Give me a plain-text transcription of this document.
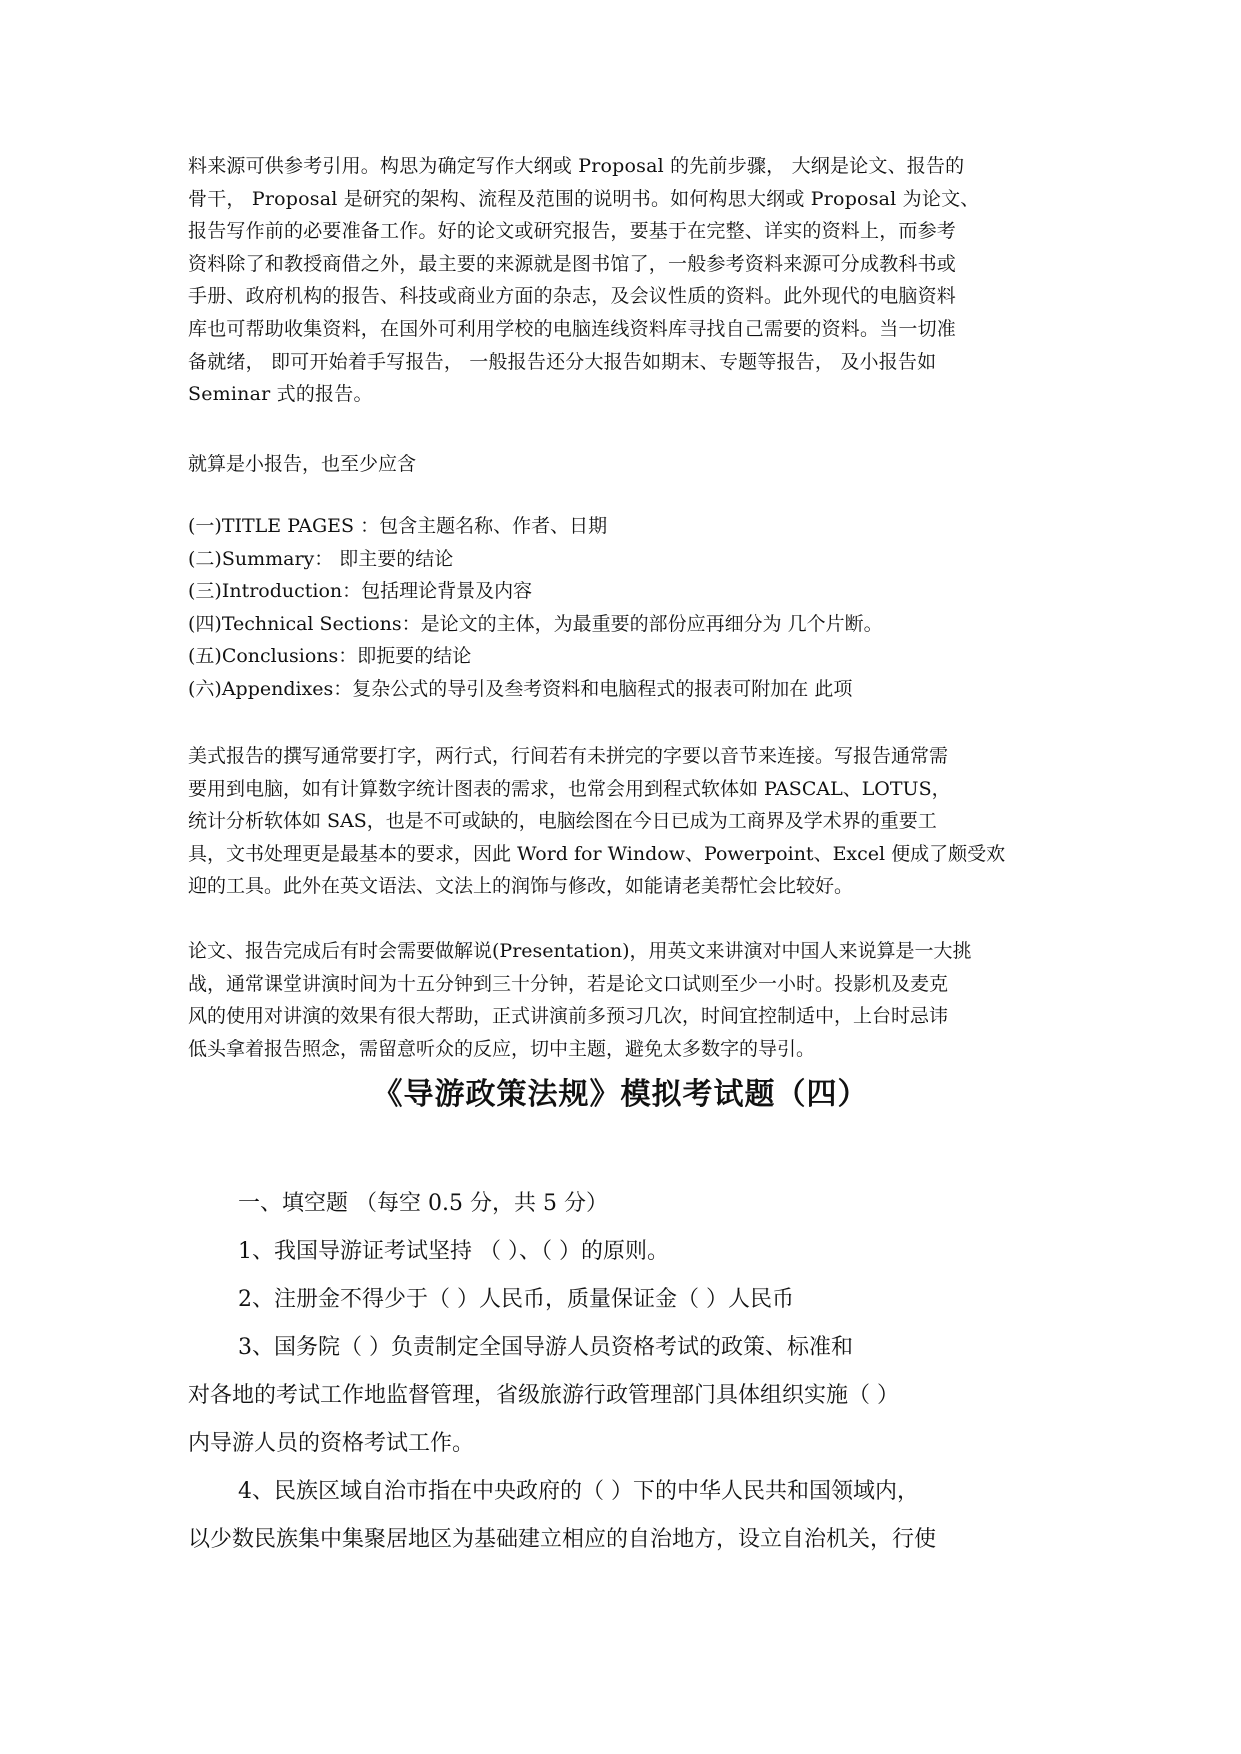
料来源可供参考引用。构思为确定写作大纲或 Proposal 的先前步骤， 大纲是论文、报告的
骨干， Proposal 是研究的架构、流程及范围的说明书。如何构思大纲或 Proposal 为论文、
报告写作前的必要准备工作。好的论文或研究报告，要基于在完整、详实的资料上，而参考
资料除了和教授商借之外，最主要的来源就是图书馆了，一般参考资料来源可分成教科书或
手册、政府机构的报告、科技或商业方面的杂志，及会议性质的资料。此外现代的电脑资料
库也可帮助收集资料，在国外可利用学校的电脑连线资料库寻找自己需要的资料。当一切准
备就绪， 即可开始着手写报告， 一般报告还分大报告如期末、专题等报告， 及小报告如
Seminar 式的报告。
就算是小报告，也至少应含
(一)TITLE PAGES ：包含主题名称、作者、日期
(二)Summary： 即主要的结论
(三)Introduction：包括理论背景及内容
(四)Technical Sections：是论文的主体，为最重要的部份应再细分为 几个片断。
(五)Conclusions：即扼要的结论
(六)Appendixes：复杂公式的导引及叁考资料和电脑程式的报表可附加在 此项
美式报告的撰写通常要打字，两行式，行间若有未拼完的字要以音节来连接。写报告通常需
要用到电脑，如有计算数字统计图表的需求，也常会用到程式软体如 PASCAL、LOTUS，
统计分析软体如 SAS，也是不可或缺的，电脑绘图在今日已成为工商界及学术界的重要工
具，文书处理更是最基本的要求，因此 Word for Window、Powerpoint、Excel 便成了颇受欢
迎的工具。此外在英文语法、文法上的润饰与修改，如能请老美帮忙会比较好。
论文、报告完成后有时会需要做解说(Presentation)，用英文来讲演对中国人来说算是一大挑
战，通常课堂讲演时间为十五分钟到三十分钟，若是论文口试则至少一小时。投影机及麦克
风的使用对讲演的效果有很大帮助，正式讲演前多预习几次，时间宜控制适中，上台时忌讳
低头拿着报告照念，需留意听众的反应，切中主题，避免太多数字的导引。
《导游政策法规》模拟考试题（四）
一、填空题 （每空 0.5 分，共 5 分）
1、我国导游证考试坚持 （ ）、（ ）的原则。
2、注册金不得少于（ ）人民币，质量保证金（ ）人民币
3、国务院（ ）负责制定全国导游人员资格考试的政策、标准和
对各地的考试工作地监督管理，省级旅游行政管理部门具体组织实施（ ）
内导游人员的资格考试工作。
4、民族区域自治市指在中央政府的（ ）下的中华人民共和国领域内，
以少数民族集中集聚居地区为基础建立相应的自治地方，设立自治机关，行使
